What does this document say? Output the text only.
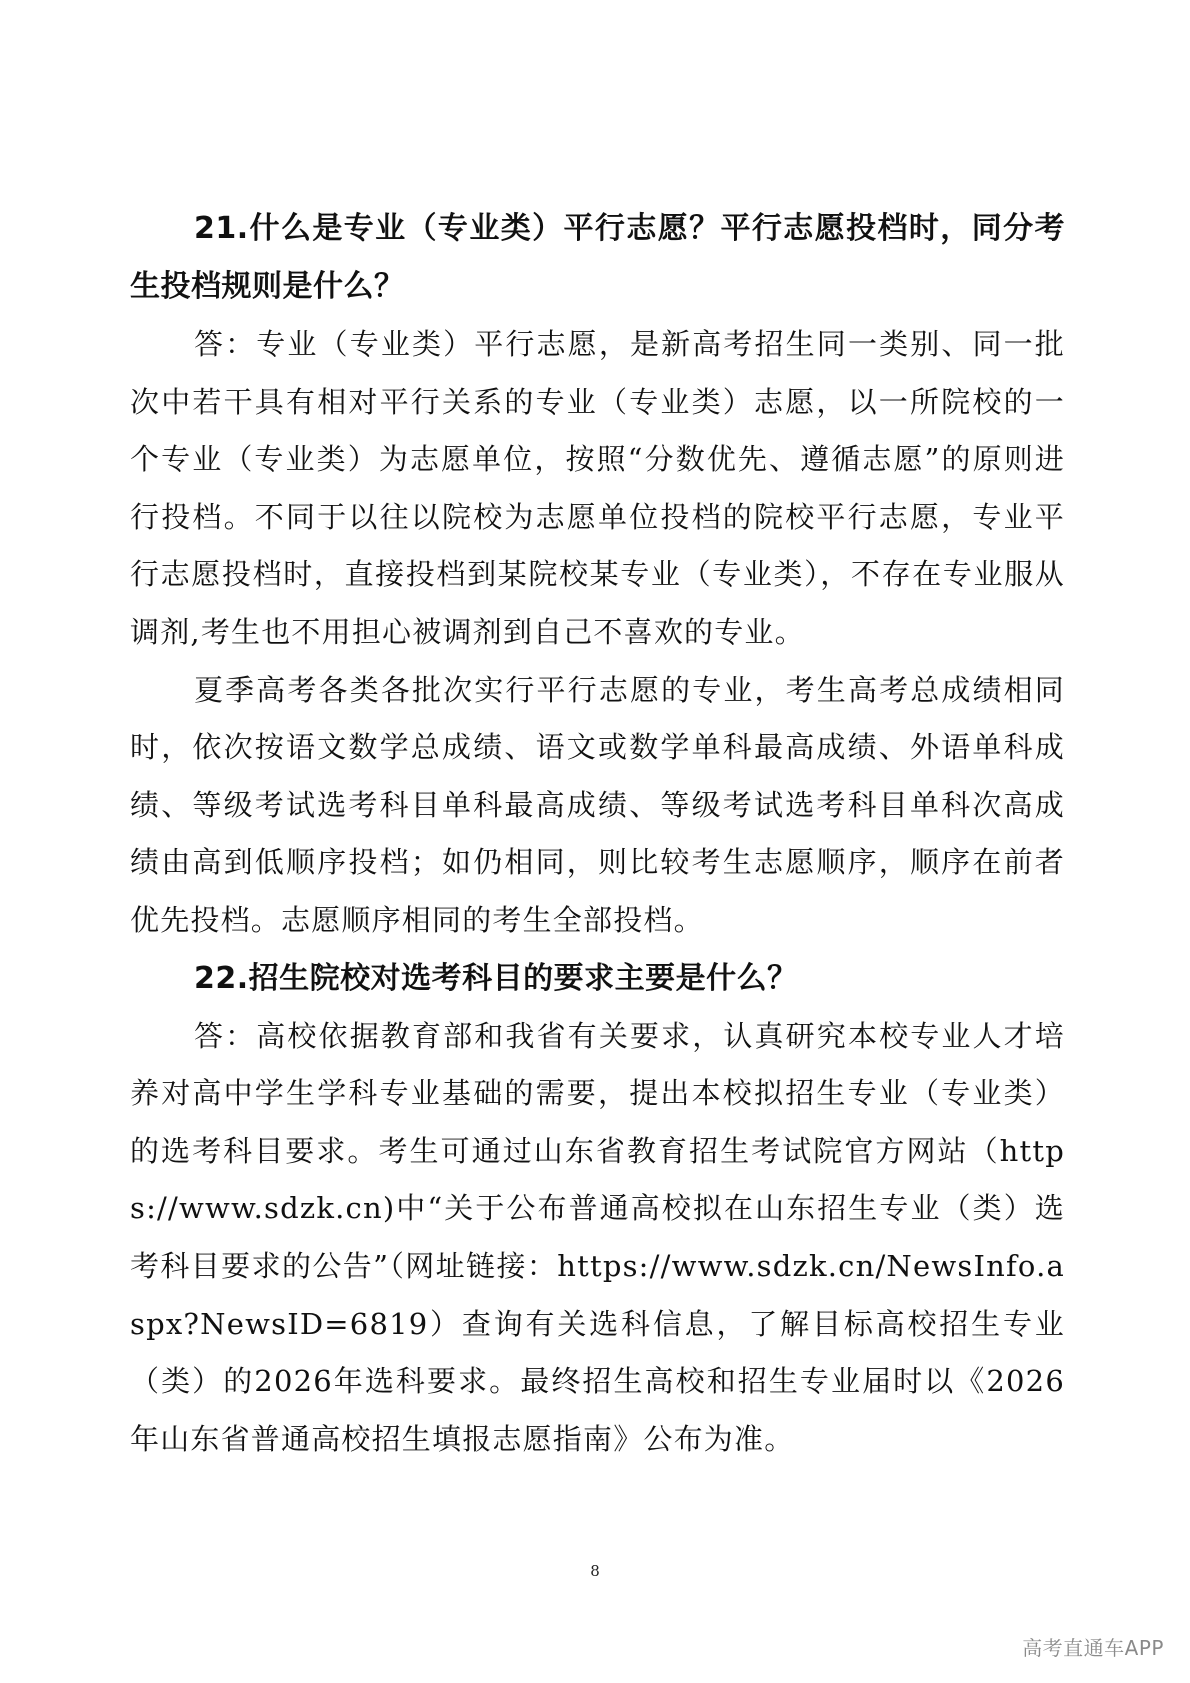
21.什么是专业（专业类）平行志愿？平行志愿投档时，同分考生投档规则是什么？

答：专业（专业类）平行志愿，是新高考招生同一类别、同一批次中若干具有相对平行关系的专业（专业类）志愿，以一所院校的一个专业（专业类）为志愿单位，按照“分数优先、遵循志愿”的原则进行投档。不同于以往以院校为志愿单位投档的院校平行志愿，专业平行志愿投档时，直接投档到某院校某专业（专业类），不存在专业服从调剂,考生也不用担心被调剂到自己不喜欢的专业。

夏季高考各类各批次实行平行志愿的专业，考生高考总成绩相同时，依次按语文数学总成绩、语文或数学单科最高成绩、外语单科成绩、等级考试选考科目单科最高成绩、等级考试选考科目单科次高成绩由高到低顺序投档；如仍相同，则比较考生志愿顺序，顺序在前者优先投档。志愿顺序相同的考生全部投档。

22.招生院校对选考科目的要求主要是什么？

答：高校依据教育部和我省有关要求，认真研究本校专业人才培养对高中学生学科专业基础的需要，提出本校拟招生专业（专业类）的选考科目要求。考生可通过山东省教育招生考试院官方网站（https://www.sdzk.cn)中“关于公布普通高校拟在山东招生专业（类）选考科目要求的公告”（网址链接：https://www.sdzk.cn/NewsInfo.aspx?NewsID=6819）查询有关选科信息，了解目标高校招生专业（类）的2026年选科要求。最终招生高校和招生专业届时以《2026年山东省普通高校招生填报志愿指南》公布为准。

8
高考直通车APP
